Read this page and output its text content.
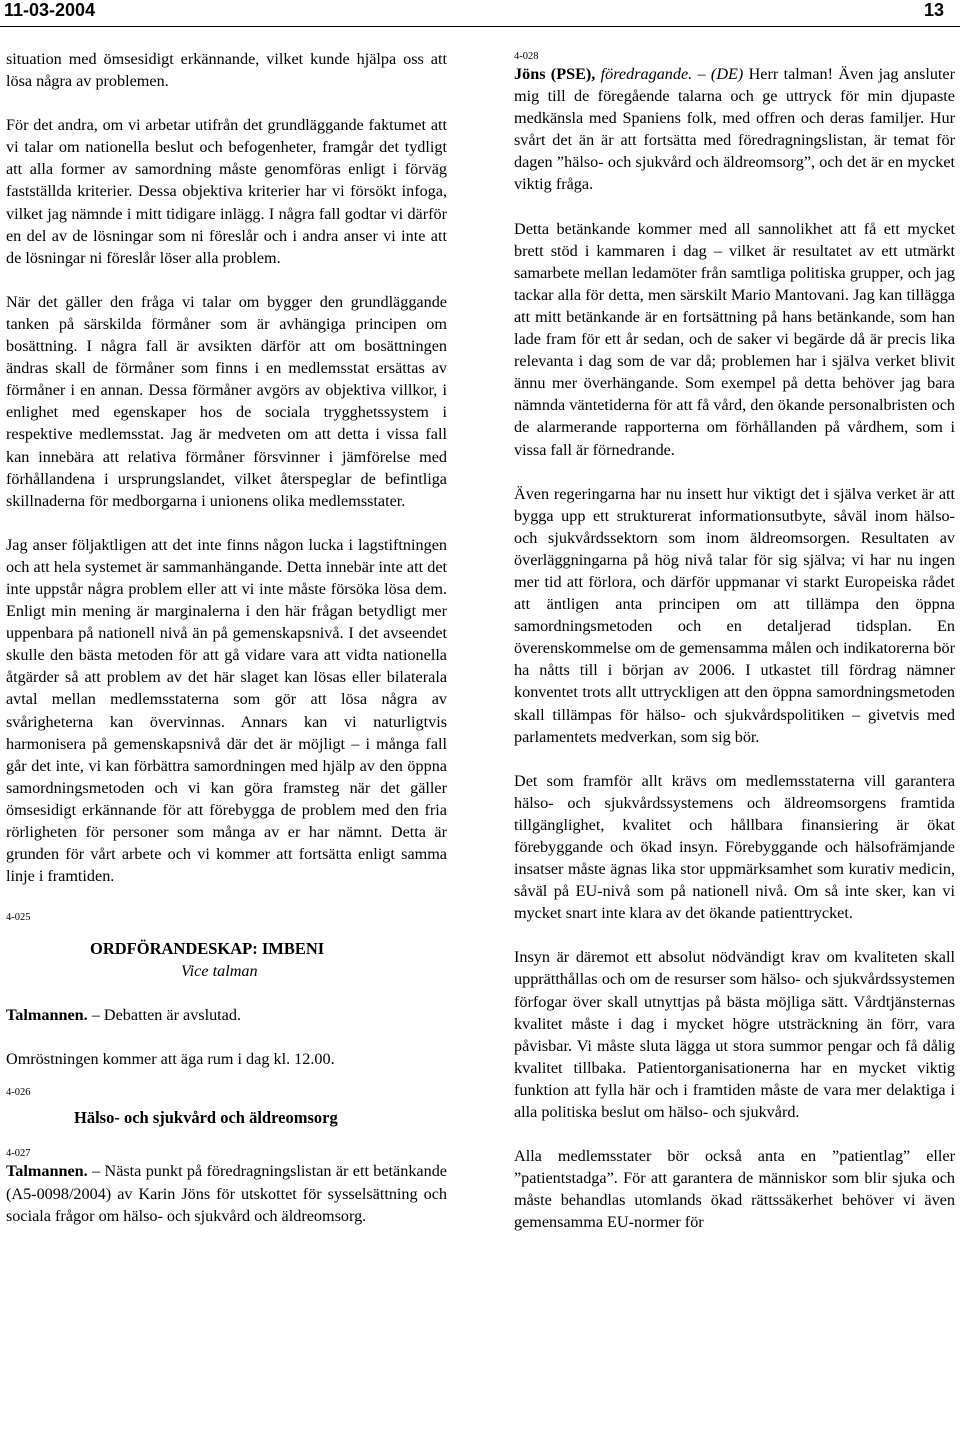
11-03-2004	13

situation med ömsesidigt erkännande, vilket kunde hjälpa oss att lösa några av problemen.

För det andra, om vi arbetar utifrån det grundläggande faktumet att vi talar om nationella beslut och befogenheter, framgår det tydligt att alla former av samordning måste genomföras enligt i förväg fastställda kriterier. Dessa objektiva kriterier har vi försökt infoga, vilket jag nämnde i mitt tidigare inlägg. I några fall godtar vi därför en del av de lösningar som ni föreslår och i andra anser vi inte att de lösningar ni föreslår löser alla problem.

När det gäller den fråga vi talar om bygger den grundläggande tanken på särskilda förmåner som är avhängiga principen om bosättning. I några fall är avsikten därför att om bosättningen ändras skall de förmåner som finns i en medlemsstat ersättas av förmåner i en annan. Dessa förmåner avgörs av objektiva villkor, i enlighet med egenskaper hos de sociala trygghetssystem i respektive medlemsstat. Jag är medveten om att detta i vissa fall kan innebära att relativa förmåner försvinner i jämförelse med förhållandena i ursprungslandet, vilket återspeglar de befintliga skillnaderna för medborgarna i unionens olika medlemsstater.

Jag anser följaktligen att det inte finns någon lucka i lagstiftningen och att hela systemet är sammanhängande. Detta innebär inte att det inte uppstår några problem eller att vi inte måste försöka lösa dem. Enligt min mening är marginalerna i den här frågan betydligt mer uppenbara på nationell nivå än på gemenskapsnivå. I det avseendet skulle den bästa metoden för att gå vidare vara att vidta nationella åtgärder så att problem av det här slaget kan lösas eller bilaterala avtal mellan medlemsstaterna som gör att lösa några av svårigheterna kan övervinnas. Annars kan vi naturligtvis harmonisera på gemenskapsnivå där det är möjligt – i många fall går det inte, vi kan förbättra samordningen med hjälp av den öppna samordningsmetoden och vi kan göra framsteg när det gäller ömsesidigt erkännande för att förebygga de problem med den fria rörligheten för personer som många av er har nämnt. Detta är grunden för vårt arbete och vi kommer att fortsätta enligt samma linje i framtiden.

4-025
ORDFÖRANDESKAP: IMBENI
Vice talman

Talmannen. – Debatten är avslutad.

Omröstningen kommer att äga rum i dag kl. 12.00.

4-026
Hälso- och sjukvård och äldreomsorg
4-027

Talmannen. – Nästa punkt på föredragningslistan är ett betänkande (A5-0098/2004) av Karin Jöns för utskottet för sysselsättning och sociala frågor om hälso- och sjukvård och äldreomsorg.

4-028

Jöns (PSE), föredragande. – (DE) Herr talman! Även jag ansluter mig till de föregående talarna och ge uttryck för min djupaste medkänsla med Spaniens folk, med offren och deras familjer. Hur svårt det än är att fortsätta med föredragningslistan, är temat för dagen ”hälso- och sjukvård och äldreomsorg”, och det är en mycket viktig fråga.

Detta betänkande kommer med all sannolikhet att få ett mycket brett stöd i kammaren i dag – vilket är resultatet av ett utmärkt samarbete mellan ledamöter från samtliga politiska grupper, och jag tackar alla för detta, men särskilt Mario Mantovani. Jag kan tillägga att mitt betänkande är en fortsättning på hans betänkande, som han lade fram för ett år sedan, och de saker vi begärde då är precis lika relevanta i dag som de var då; problemen har i själva verket blivit ännu mer överhängande. Som exempel på detta behöver jag bara nämnda väntetiderna för att få vård, den ökande personalbristen och de alarmerande rapporterna om förhållanden på vårdhem, som i vissa fall är förnedrande.

Även regeringarna har nu insett hur viktigt det i själva verket är att bygga upp ett strukturerat informationsutbyte, såväl inom hälso- och sjukvårdssektorn som inom äldreomsorgen. Resultaten av överläggningarna på hög nivå talar för sig själva; vi har nu ingen mer tid att förlora, och därför uppmanar vi starkt Europeiska rådet att äntligen anta principen om att tillämpa den öppna samordningsmetoden och en detaljerad tidsplan. En överenskommelse om de gemensamma målen och indikatorerna bör ha nåtts till i början av 2006. I utkastet till fördrag nämner konventet trots allt uttryckligen att den öppna samordningsmetoden skall tillämpas för hälso- och sjukvårdspolitiken – givetvis med parlamentets medverkan, som sig bör.

Det som framför allt krävs om medlemsstaterna vill garantera hälso- och sjukvårdssystemens och äldreomsorgens framtida tillgänglighet, kvalitet och hållbara finansiering är ökat förebyggande och ökad insyn. Förebyggande och hälsofrämjande insatser måste ägnas lika stor uppmärksamhet som kurativ medicin, såväl på EU-nivå som på nationell nivå. Om så inte sker, kan vi mycket snart inte klara av det ökande patienttrycket.

Insyn är däremot ett absolut nödvändigt krav om kvaliteten skall upprätthållas och om de resurser som hälso- och sjukvårdssystemen förfogar över skall utnyttjas på bästa möjliga sätt. Vårdtjänsternas kvalitet måste i dag i mycket högre utsträckning än förr, vara påvisbar. Vi måste sluta lägga ut stora summor pengar och få dålig kvalitet tillbaka. Patientorganisationerna har en mycket viktig funktion att fylla här och i framtiden måste de vara mer delaktiga i alla politiska beslut om hälso- och sjukvård.

Alla medlemsstater bör också anta en ”patientlag” eller ”patientstadga”. För att garantera de människor som blir sjuka och måste behandlas utomlands ökad rättssäkerhet behöver vi även gemensamma EU-normer för
